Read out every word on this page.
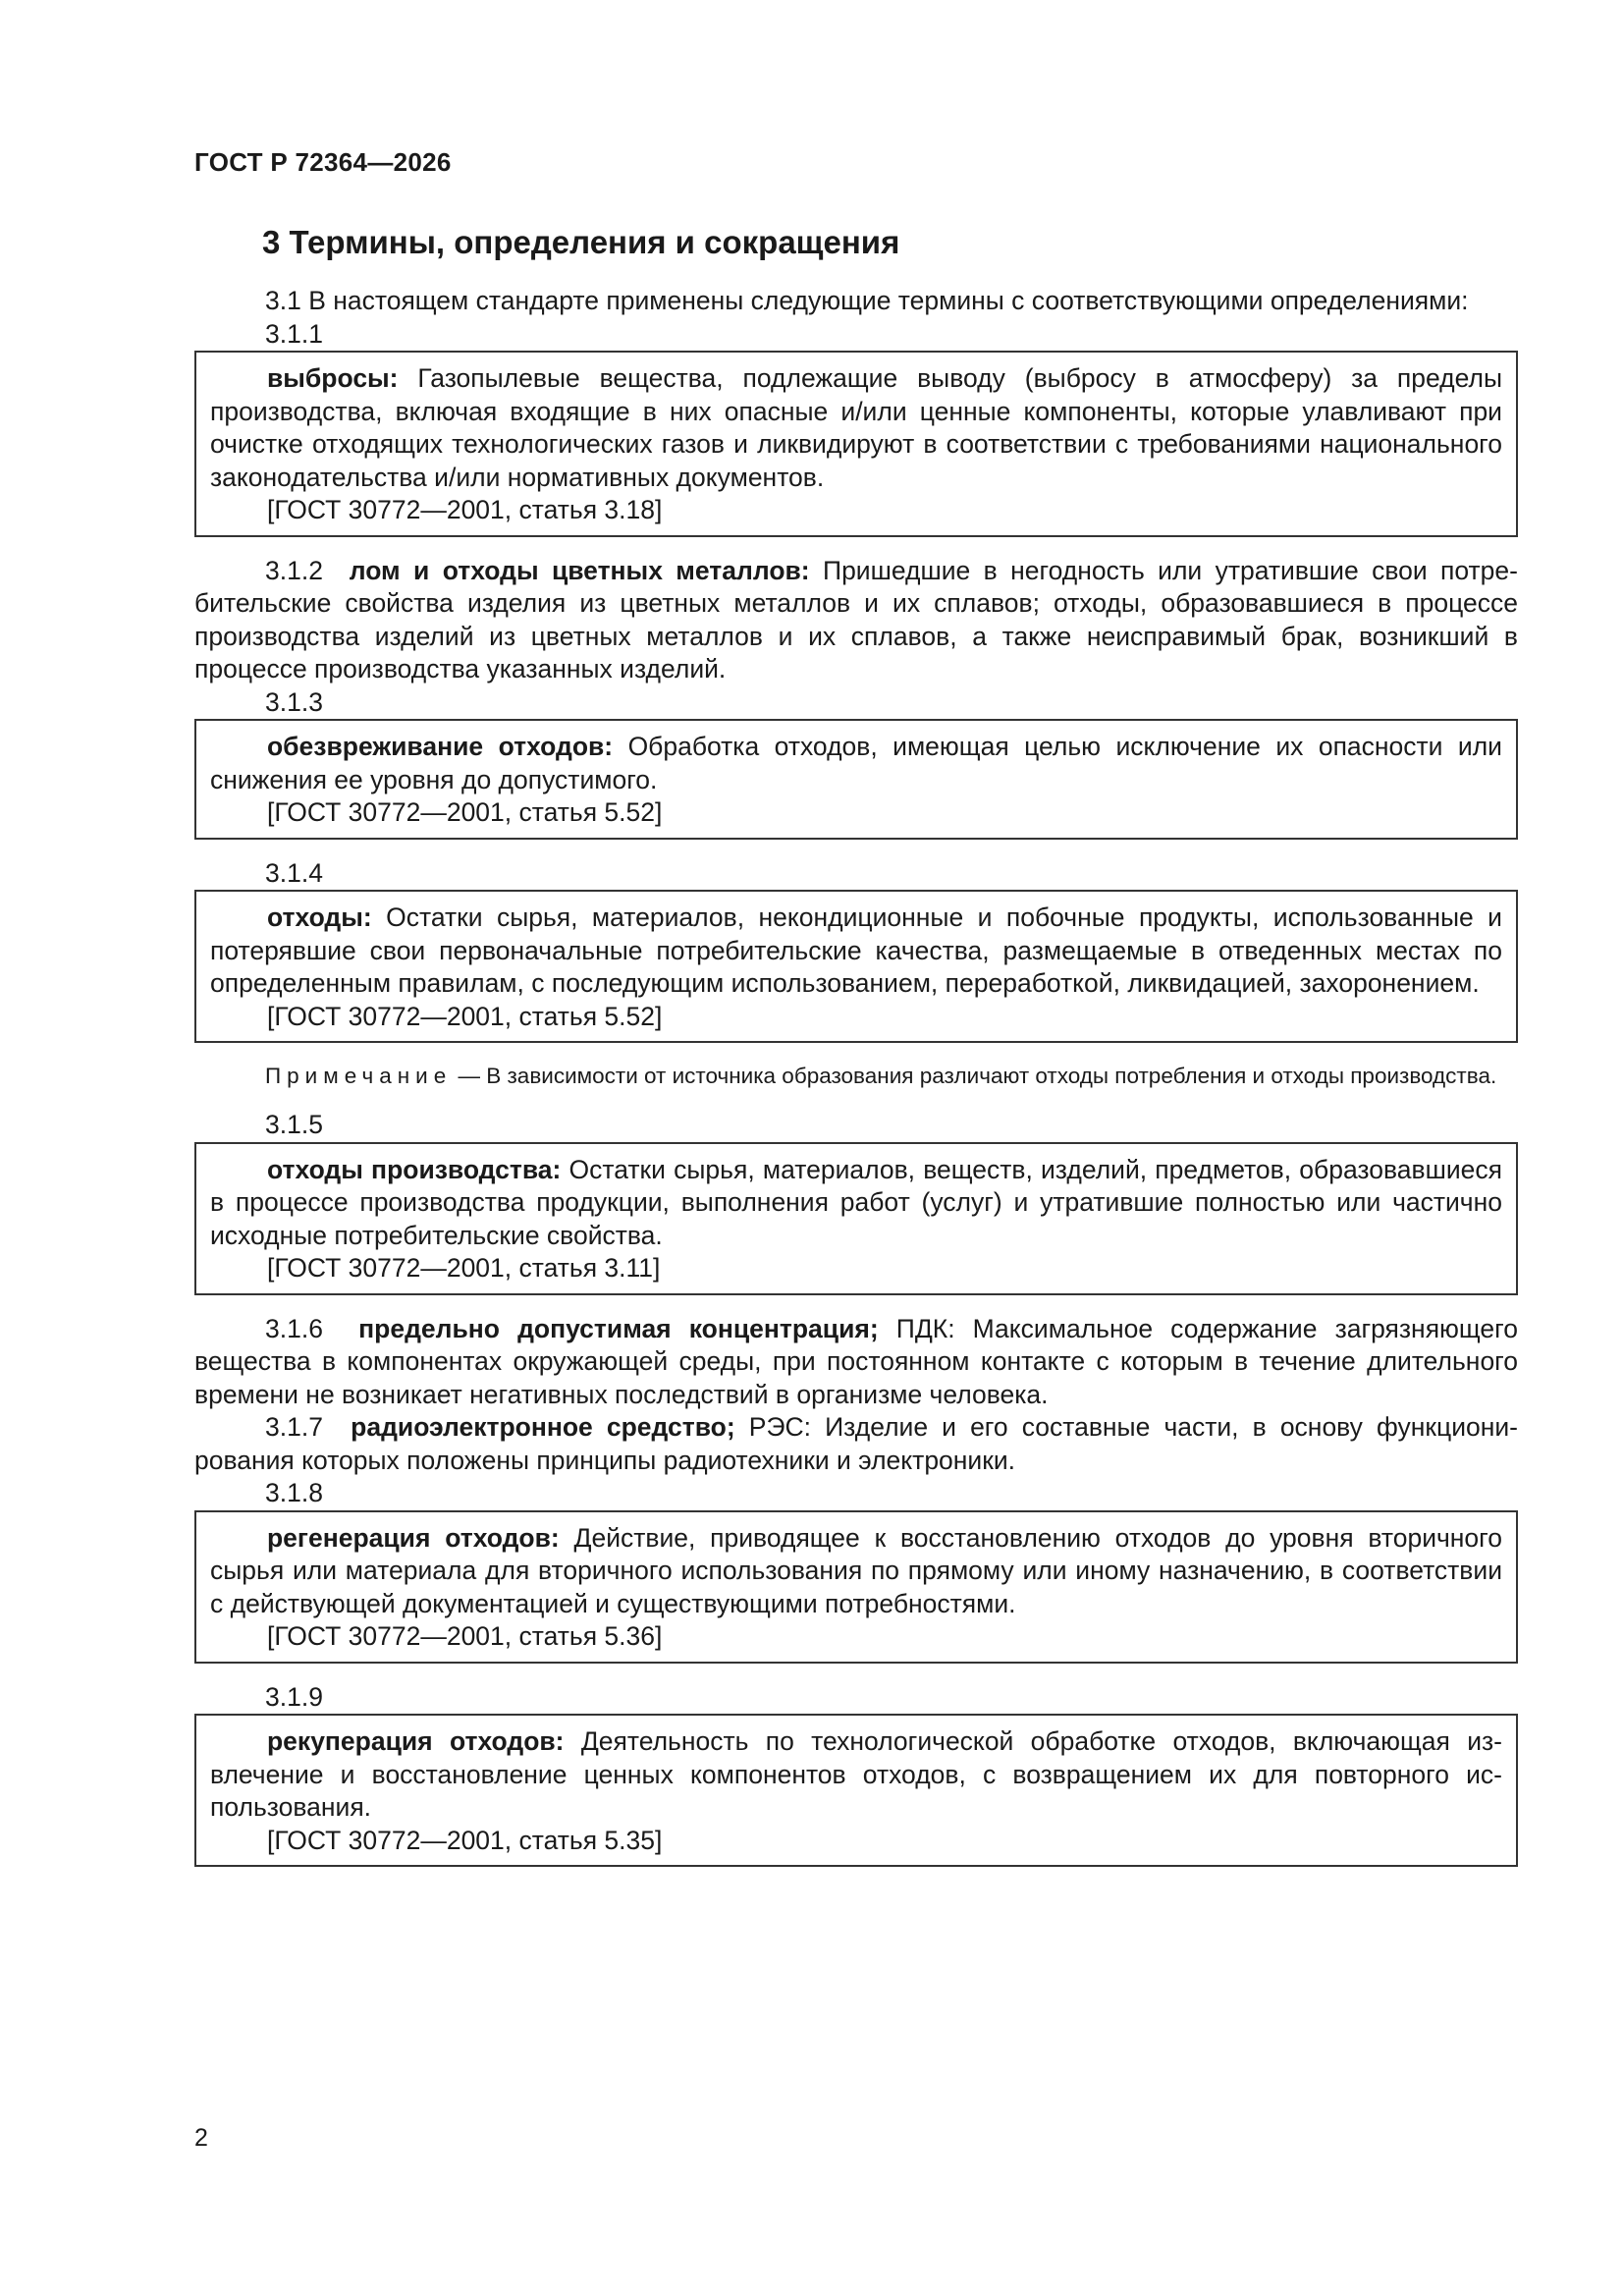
ГОСТ Р 72364—2026
3 Термины, определения и сокращения

3.1 В настоящем стандарте применены следующие термины с соответствующими определениями:

3.1.1

выбросы: Газопылевые вещества, подлежащие выводу (выбросу в атмосферу) за пределы производства, включая входящие в них опасные и/или ценные компоненты, которые улавливают при очистке отходящих технологических газов и ликвидируют в соответствии с требованиями национального законодательства и/или нормативных документов.

[ГОСТ 30772—2001, статья 3.18]

3.1.2 лом и отходы цветных металлов: Пришедшие в негодность или утратившие свои потребительские свойства изделия из цветных металлов и их сплавов; отходы, образовавшиеся в процессе производства изделий из цветных металлов и их сплавов, а также неисправимый брак, возникший в процессе производства указанных изделий.

3.1.3

обезвреживание отходов: Обработка отходов, имеющая целью исключение их опасности или снижения ее уровня до допустимого.

[ГОСТ 30772—2001, статья 5.52]

3.1.4

отходы: Остатки сырья, материалов, некондиционные и побочные продукты, использованные и потерявшие свои первоначальные потребительские качества, размещаемые в отведенных местах по определенным правилам, с последующим использованием, переработкой, ликвидацией, захоронением.

[ГОСТ 30772—2001, статья 5.52]

Примечание — В зависимости от источника образования различают отходы потребления и отходы производства.

3.1.5

отходы производства: Остатки сырья, материалов, веществ, изделий, предметов, образовавшиеся в процессе производства продукции, выполнения работ (услуг) и утратившие полностью или частично исходные потребительские свойства.

[ГОСТ 30772—2001, статья 3.11]

3.1.6 предельно допустимая концентрация; ПДК: Максимальное содержание загрязняющего вещества в компонентах окружающей среды, при постоянном контакте с которым в течение длительного времени не возникает негативных последствий в организме человека.

3.1.7 радиоэлектронное средство; РЭС: Изделие и его составные части, в основу функционирования которых положены принципы радиотехники и электроники.

3.1.8

регенерация отходов: Действие, приводящее к восстановлению отходов до уровня вторичного сырья или материала для вторичного использования по прямому или иному назначению, в соответствии с действующей документацией и существующими потребностями.

[ГОСТ 30772—2001, статья 5.36]

3.1.9

рекуперация отходов: Деятельность по технологической обработке отходов, включающая извлечение и восстановление ценных компонентов отходов, с возвращением их для повторного использования.

[ГОСТ 30772—2001, статья 5.35]

2
